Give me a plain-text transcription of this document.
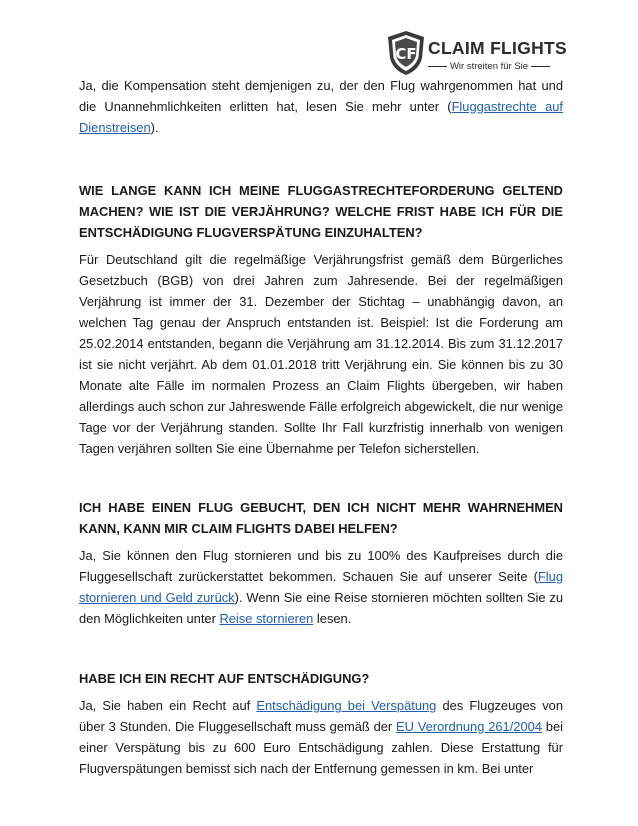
CF CLAIM FLIGHTS
Wir streiten für Sie

Ja, die Kompensation steht demjenigen zu, der den Flug wahrgenommen hat und die Unannehmlichkeiten erlitten hat, lesen Sie mehr unter (Fluggastrechte auf Dienstreisen).

WIE LANGE KANN ICH MEINE FLUGGASTRECHTEFORDERUNG GELTEND MACHEN? WIE IST DIE VERJÄHRUNG? WELCHE FRIST HABE ICH FÜR DIE ENTSCHÄDIGUNG FLUGVERSPÄTUNG EINZUHALTEN?

Für Deutschland gilt die regelmäßige Verjährungsfrist gemäß dem Bürgerliches Gesetzbuch (BGB) von drei Jahren zum Jahresende. Bei der regelmäßigen Verjährung ist immer der 31. Dezember der Stichtag – unabhängig davon, an welchen Tag genau der Anspruch entstanden ist. Beispiel: Ist die Forderung am 25.02.2014 entstanden, begann die Verjährung am 31.12.2014. Bis zum 31.12.2017 ist sie nicht verjährt. Ab dem 01.01.2018 tritt Verjährung ein. Sie können bis zu 30 Monate alte Fälle im normalen Prozess an Claim Flights übergeben, wir haben allerdings auch schon zur Jahreswende Fälle erfolgreich abgewickelt, die nur wenige Tage vor der Verjährung standen. Sollte Ihr Fall kurzfristig innerhalb von wenigen Tagen verjähren sollten Sie eine Übernahme per Telefon sicherstellen.

ICH HABE EINEN FLUG GEBUCHT, DEN ICH NICHT MEHR WAHRNEHMEN KANN, KANN MIR CLAIM FLIGHTS DABEI HELFEN?

Ja, Sie können den Flug stornieren und bis zu 100% des Kaufpreises durch die Fluggesellschaft zurückerstattet bekommen. Schauen Sie auf unserer Seite (Flug stornieren und Geld zurück). Wenn Sie eine Reise stornieren möchten sollten Sie zu den Möglichkeiten unter Reise stornieren lesen.

HABE ICH EIN RECHT AUF ENTSCHÄDIGUNG?

Ja, Sie haben ein Recht auf Entschädigung bei Verspätung des Flugzeuges von über 3 Stunden. Die Fluggesellschaft muss gemäß der EU Verordnung 261/2004 bei einer Verspätung bis zu 600 Euro Entschädigung zahlen. Diese Erstattung für Flugverspätungen bemisst sich nach der Entfernung gemessen in km. Bei unter
